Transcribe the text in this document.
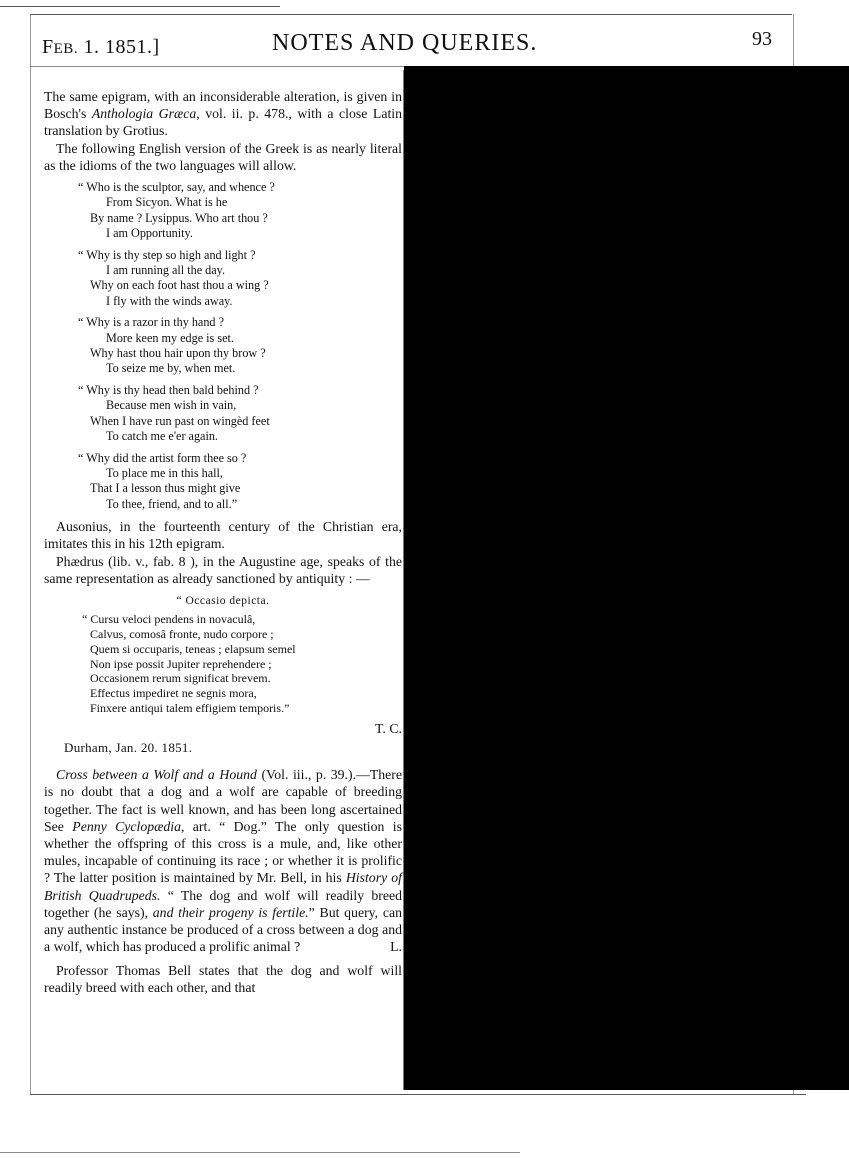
FEB. 1. 1851.]	NOTES AND QUERIES.	93

The same epigram, with an inconsiderable alteration, is given in Bosch's Anthologia Græca, vol. ii. p. 478., with a close Latin translation by Grotius.

The following English version of the Greek is as nearly literal as the idioms of the two languages will allow.

“ Who is the sculptor, say, and whence ?
From Sicyon. What is he
By name ? Lysippus. Who art thou ?
I am Opportunity.
“ Why is thy step so high and light ?
I am running all the day.
Why on each foot hast thou a wing ?
I fly with the winds away.
“ Why is a razor in thy hand ?
More keen my edge is set.
Why hast thou hair upon thy brow ?
To seize me by, when met.
“ Why is thy head then bald behind ?
Because men wish in vain,
When I have run past on wingèd feet
To catch me e'er again.
“ Why did the artist form thee so ?
To place me in this hall,
That I a lesson thus might give
To thee, friend, and to all.”

Ausonius, in the fourteenth century of the Christian era, imitates this in his 12th epigram.

Phædrus (lib. v., fab. 8 ), in the Augustine age, speaks of the same representation as already sanctioned by antiquity : —

“ Occasio depicta.
“ Cursu veloci pendens in novaculâ,
Calvus, comosâ fronte, nudo corpore ;
Quem si occuparis, teneas ; elapsum semel
Non ipse possit Jupiter reprehendere ;
Occasionem rerum significat brevem.
Effectus impediret ne segnis mora,
Finxere antiqui talem effigiem temporis.”
T. C.
Durham, Jan. 20. 1851.

Cross between a Wolf and a Hound (Vol. iii., p. 39.).—There is no doubt that a dog and a wolf are capable of breeding together. The fact is well known, and has been long ascertained See Penny Cyclopædia, art. “ Dog.” The only question is whether the offspring of this cross is a mule, and, like other mules, incapable of continuing its race ; or whether it is prolific ? The latter position is maintained by Mr. Bell, in his History of British Quadrupeds. “ The dog and wolf will readily breed together (he says), and their progeny is fertile.” But query, can any authentic instance be produced of a cross between a dog and a wolf, which has produced a prolific animal ?	L.

Professor Thomas Bell states that the dog and wolf will readily breed with each other, and that
